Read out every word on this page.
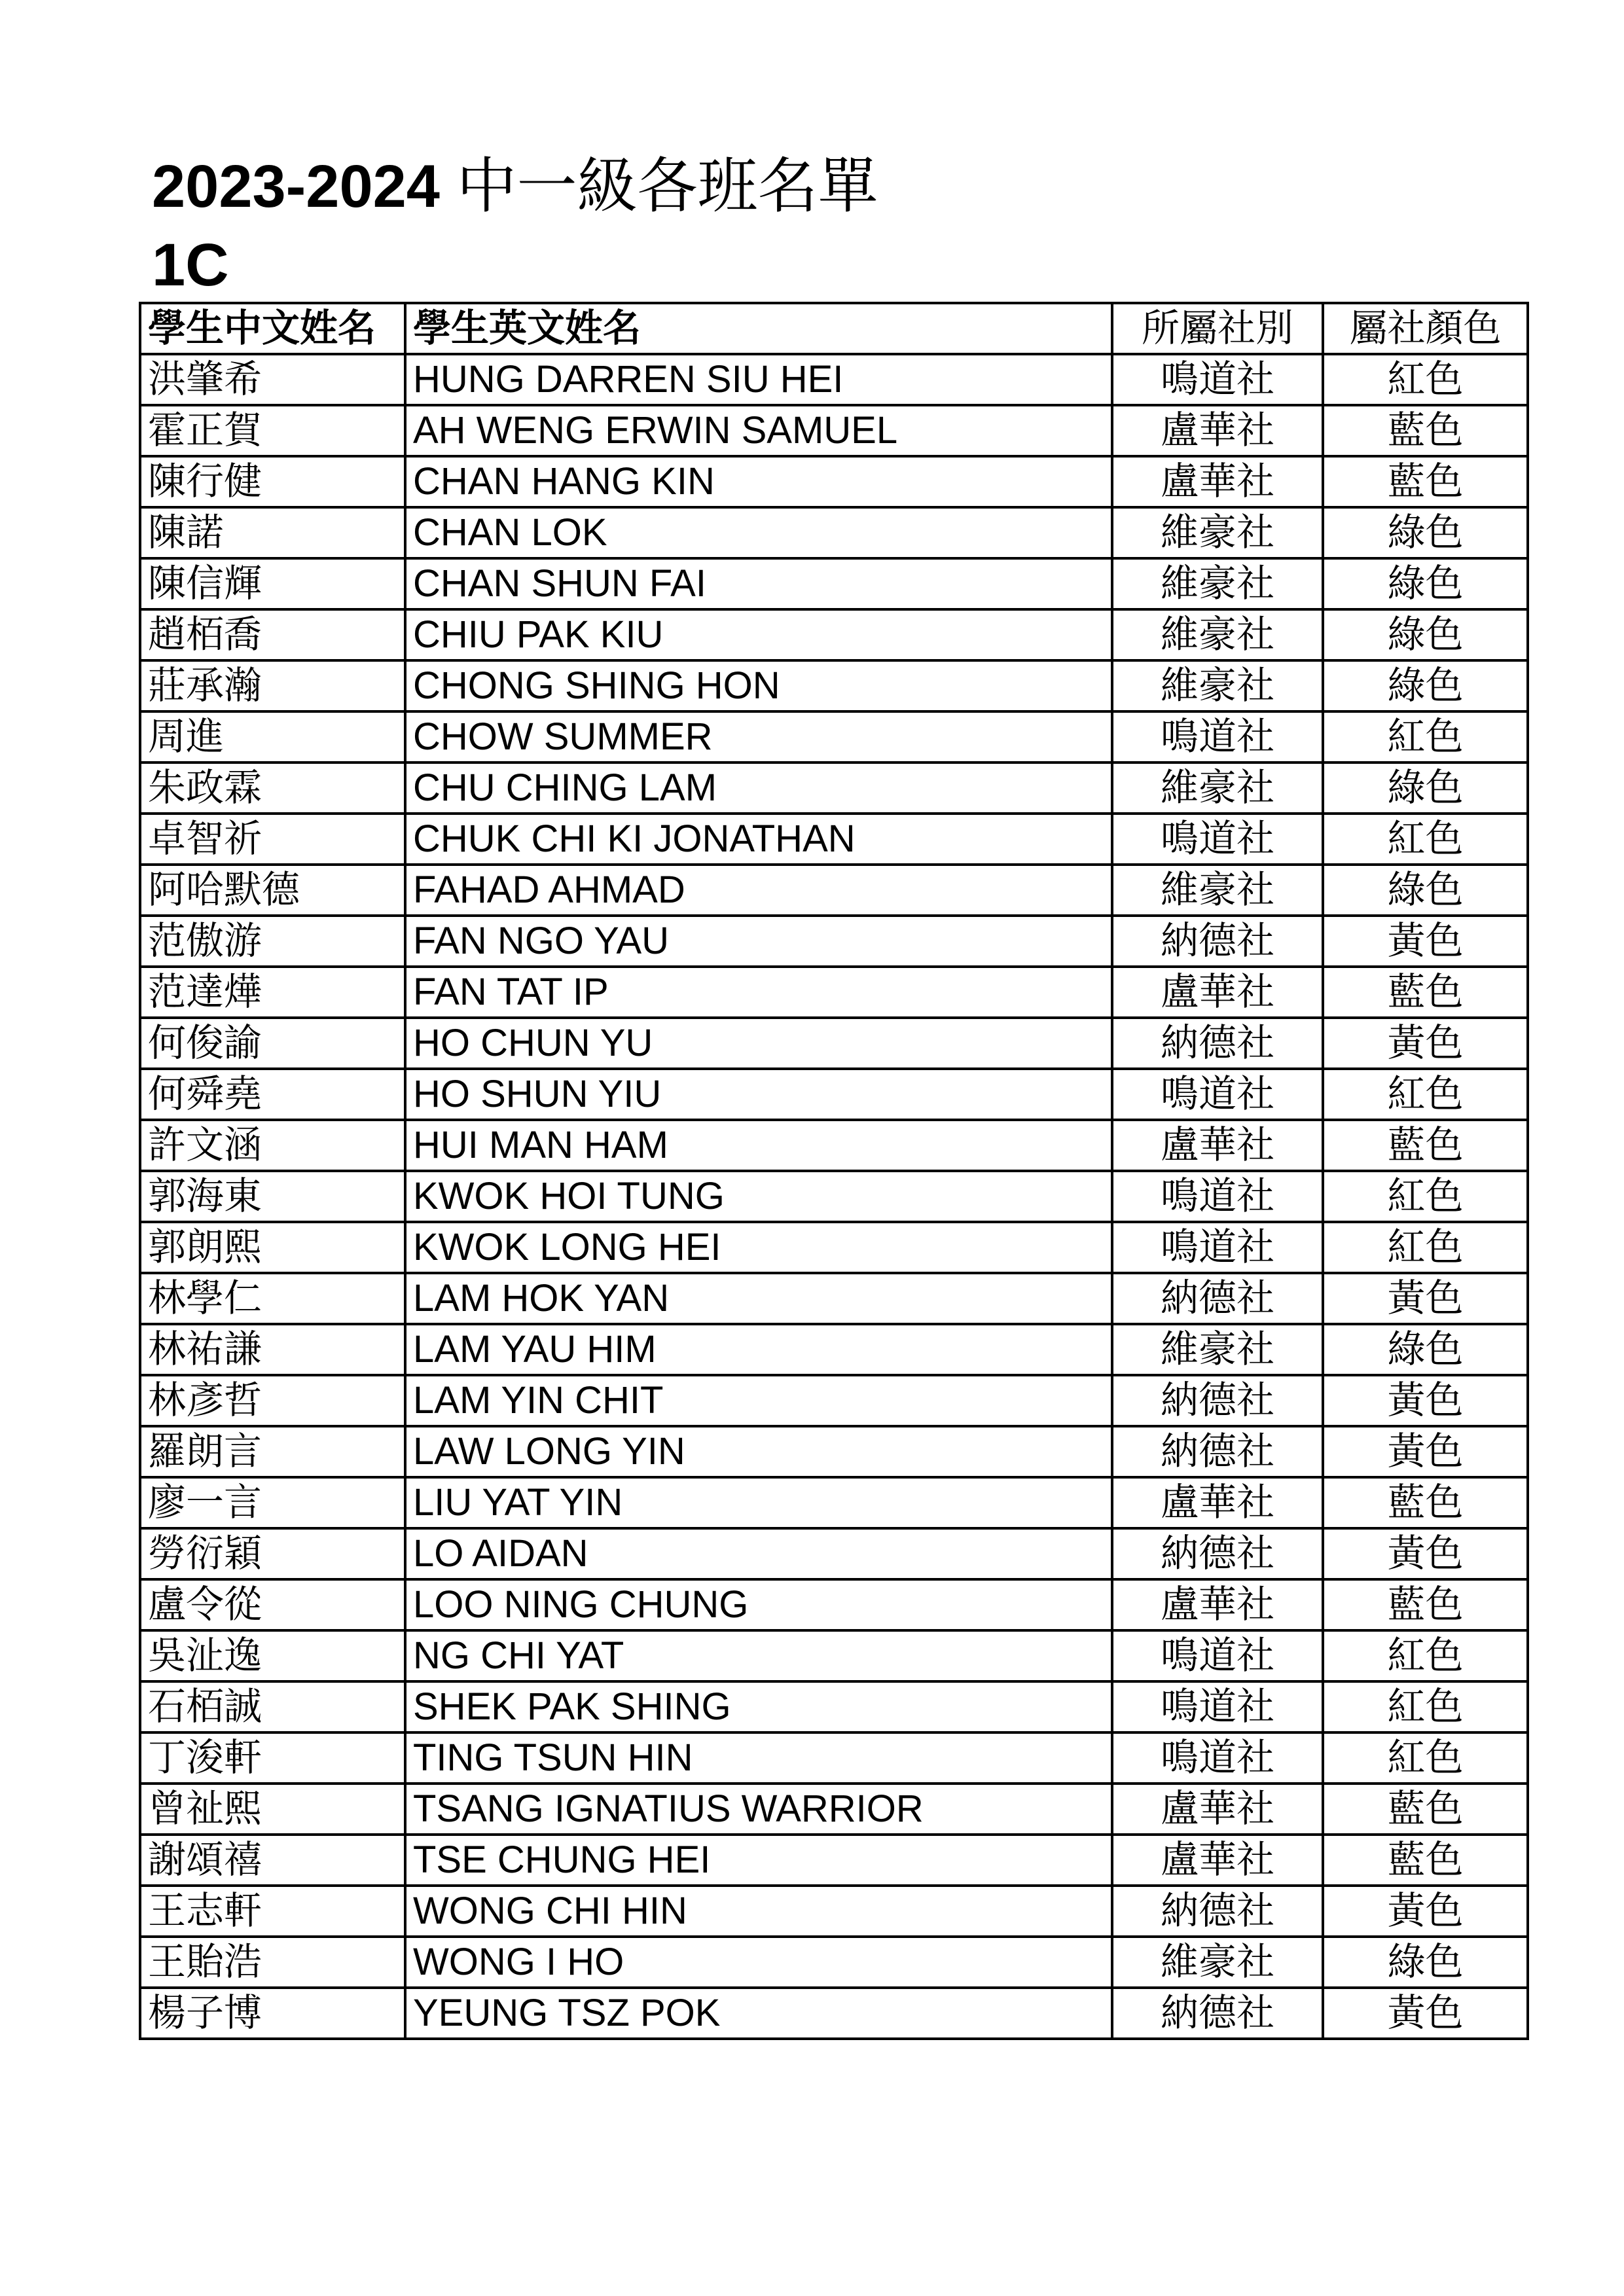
2023-2024 中一級各班名單
1C
學生中文姓名	學生英文姓名	所屬社別	屬社顏色
洪肇希	HUNG DARREN SIU HEI	鳴道社	紅色
霍正賀	AH WENG ERWIN SAMUEL	盧華社	藍色
陳行健	CHAN HANG KIN	盧華社	藍色
陳諾	CHAN LOK	維豪社	綠色
陳信輝	CHAN SHUN FAI	維豪社	綠色
趙栢喬	CHIU PAK KIU	維豪社	綠色
莊承瀚	CHONG SHING HON	維豪社	綠色
周進	CHOW SUMMER	鳴道社	紅色
朱政霖	CHU CHING LAM	維豪社	綠色
卓智祈	CHUK CHI KI JONATHAN	鳴道社	紅色
阿哈默德	FAHAD AHMAD	維豪社	綠色
范傲游	FAN NGO YAU	納德社	黃色
范達燁	FAN TAT IP	盧華社	藍色
何俊諭	HO CHUN YU	納德社	黃色
何舜堯	HO SHUN YIU	鳴道社	紅色
許文涵	HUI MAN HAM	盧華社	藍色
郭海東	KWOK HOI TUNG	鳴道社	紅色
郭朗熙	KWOK LONG HEI	鳴道社	紅色
林學仁	LAM HOK YAN	納德社	黃色
林祐謙	LAM YAU HIM	維豪社	綠色
林彥哲	LAM YIN CHIT	納德社	黃色
羅朗言	LAW LONG YIN	納德社	黃色
廖一言	LIU YAT YIN	盧華社	藍色
勞衍穎	LO AIDAN	納德社	黃色
盧令從	LOO NING CHUNG	盧華社	藍色
吳沚逸	NG CHI YAT	鳴道社	紅色
石栢誠	SHEK PAK SHING	鳴道社	紅色
丁浚軒	TING TSUN HIN	鳴道社	紅色
曾祉熙	TSANG IGNATIUS WARRIOR	盧華社	藍色
謝頌禧	TSE CHUNG HEI	盧華社	藍色
王志軒	WONG CHI HIN	納德社	黃色
王貽浩	WONG I HO	維豪社	綠色
楊子博	YEUNG TSZ POK	納德社	黃色
